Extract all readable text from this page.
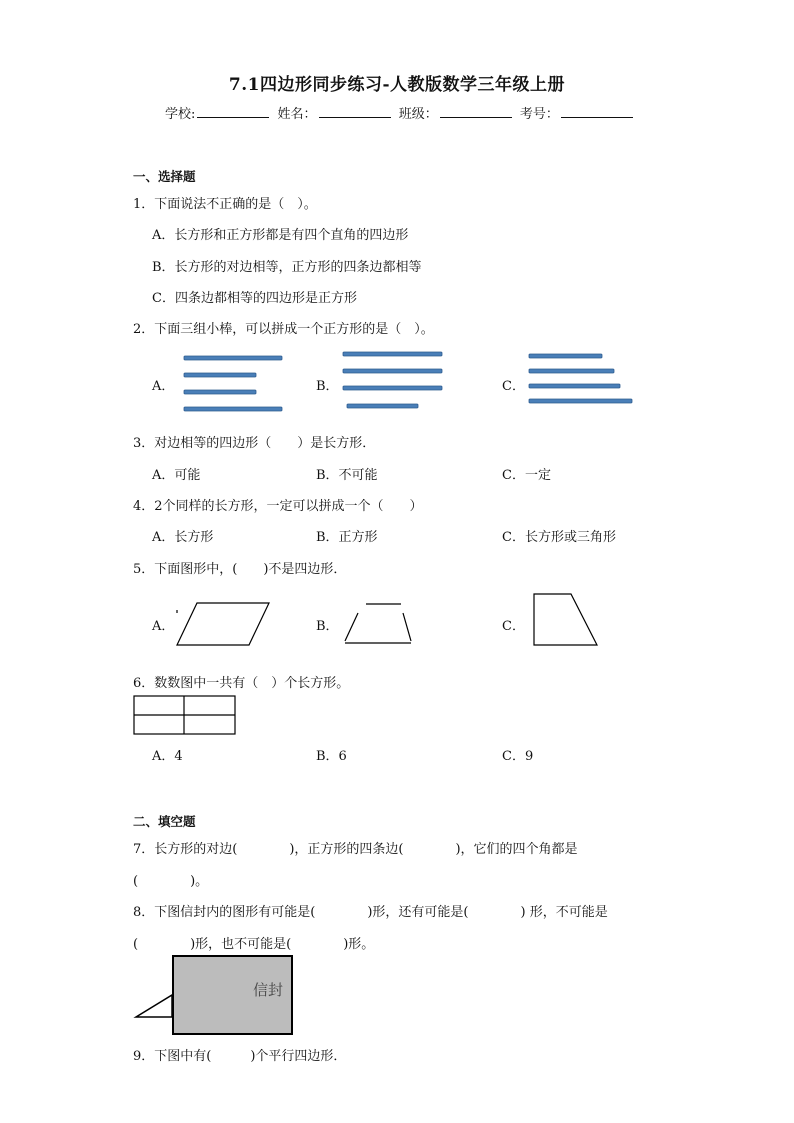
7.1四边形同步练习-人教版数学三年级上册
学校:	姓名：	班级：	考号：
一、选择题
1．下面说法不正确的是（　）。
A．长方形和正方形都是有四个直角的四边形
B．长方形的对边相等，正方形的四条边都相等
C．四条边都相等的四边形是正方形
2．下面三组小棒，可以拼成一个正方形的是（　）。
A．	B．	C．
3．对边相等的四边形（　　）是长方形．
A．可能	B．不可能	C．一定
4．2个同样的长方形，一定可以拼成一个（　　）
A．长方形	B．正方形	C．长方形或三角形
5．下面图形中，(　　)不是四边形．
A．	B．	C．
6．数数图中一共有（　）个长方形。
A．4	B．6	C．9
二、填空题
7．长方形的对边(　　　　)，正方形的四条边(　　　　)，它们的四个角都是
(　　　　)。
8．下图信封内的图形有可能是(　　　　)形，还有可能是(　　　　) 形，不可能是
(　　　　)形，也不可能是(　　　　)形。
信封
9．下图中有(　　　)个平行四边形．
